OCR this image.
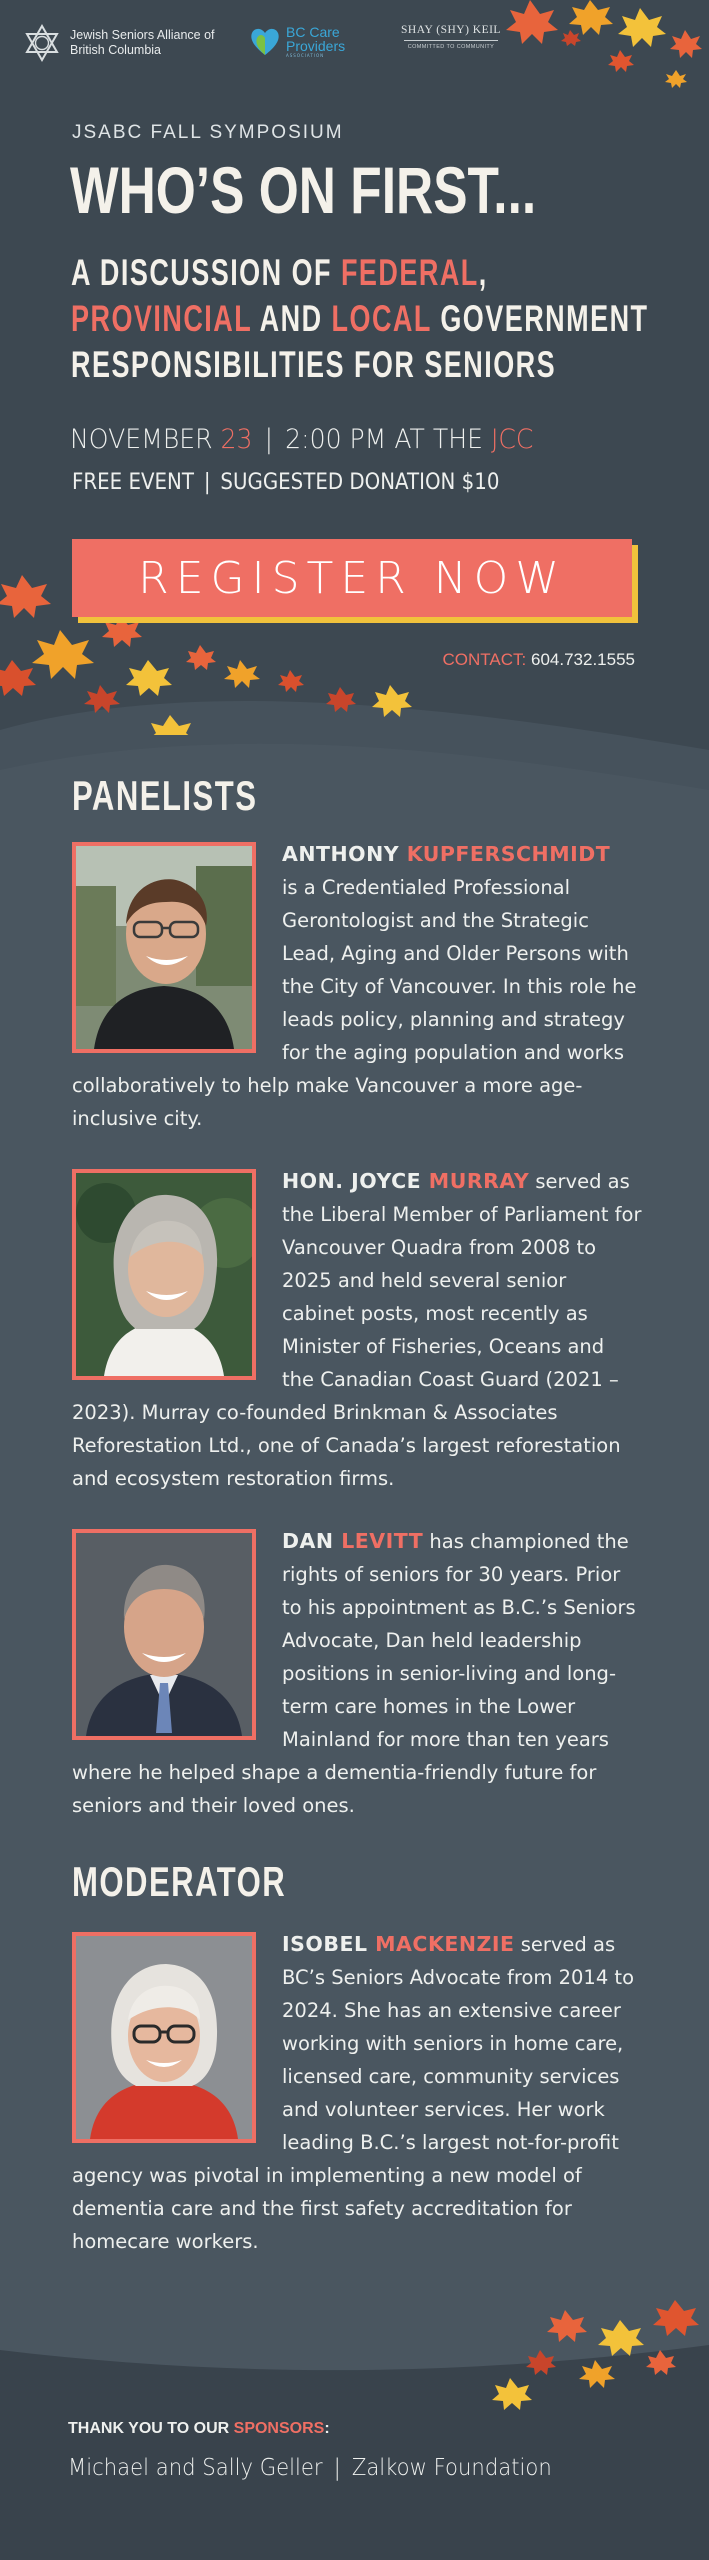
Jewish Seniors Alliance of British Columbia
BC Care
Providers
ASSOCIATION
SHAY (SHY) KEIL
COMMITTED TO COMMUNITY
JSABC FALL SYMPOSIUM
WHO’S ON FIRST...
A DISCUSSION OF FEDERAL,
PROVINCIAL AND LOCAL GOVERNMENT
RESPONSIBILITIES FOR SENIORS
NOVEMBER 23 | 2:00 PM AT THE JCC
FREE EVENT | SUGGESTED DONATION $10
REGISTER NOW
CONTACT: 604.732.1555
PANELISTS
ANTHONY KUPFERSCHMIDT
is a Credentialed Professional Gerontologist and the Strategic Lead, Aging and Older Persons with the City of Vancouver. In this role he leads policy, planning and strategy for the aging population and works collaboratively to help make Vancouver a more age-inclusive city.
HON. JOYCE MURRAY served as the Liberal Member of Parliament for Vancouver Quadra from 2008 to 2025 and held several senior cabinet posts, most recently as Minister of Fisheries, Oceans and the Canadian Coast Guard (2021 –2023). Murray co-founded Brinkman & Associates Reforestation Ltd., one of Canada’s largest reforestation and ecosystem restoration firms.
DAN LEVITT has championed the rights of seniors for 30 years. Prior to his appointment as B.C.’s Seniors Advocate, Dan held leadership positions in senior-living and long-term care homes in the Lower Mainland for more than ten years where he helped shape a dementia-friendly future for seniors and their loved ones.
MODERATOR
ISOBEL MACKENZIE served as BC’s Seniors Advocate from 2014 to 2024. She has an extensive career working with seniors in home care, licensed care, community services and volunteer services. Her work leading B.C.’s largest not-for-profit agency was pivotal in implementing a new model of dementia care and the first safety accreditation for homecare workers.
THANK YOU TO OUR SPONSORS:
Michael and Sally Geller | Zalkow Foundation
